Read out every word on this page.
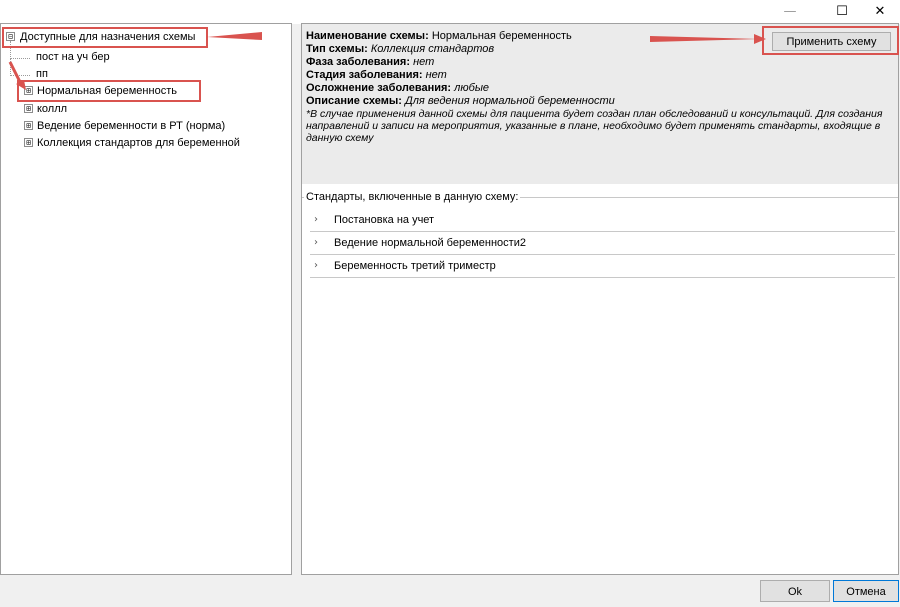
—	☐	✕
⊟ Доступные для назначения схемы
пост на уч бер
пп
⊞ Нормальная беременность
⊞ коллл
⊞ Ведение беременности в РТ (норма)
⊞ Коллекция стандартов для беременной
Наименование схемы: Нормальная беременность
Тип схемы: Коллекция стандартов
Фаза заболевания: нет
Стадия заболевания: нет
Осложнение заболевания: любые
Описание схемы: Для ведения нормальной беременности
*В случае применения данной схемы для пациента будет создан план обследований и консультаций. Для создания направлений и записи на мероприятия, указанные в плане, необходимо будет применять стандарты, входящие в данную схему
Применить схему
Стандарты, включенные в данную схему:
› Постановка на учет
› Ведение нормальной беременности2
› Беременность третий триместр
Ok	Отмена
